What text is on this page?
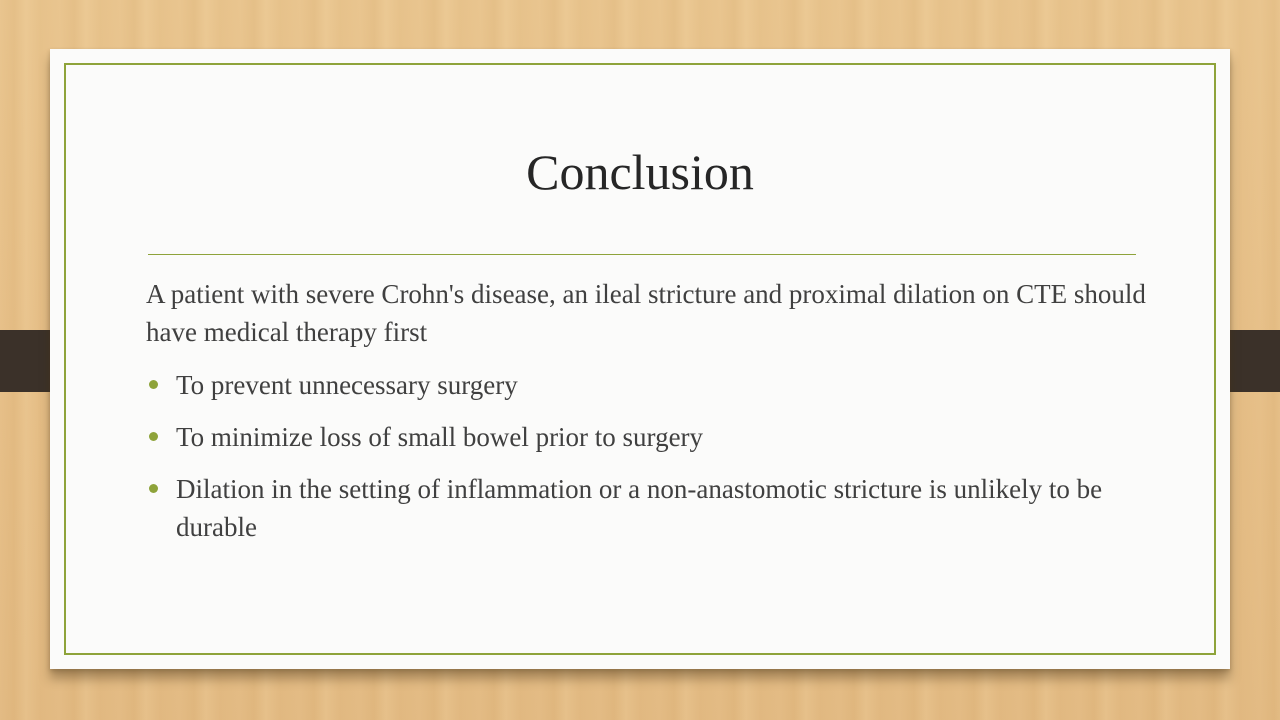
Conclusion

A patient with severe Crohn's disease, an ileal stricture and proximal dilation on CTE should have medical therapy first

To prevent unnecessary surgery
To minimize loss of small bowel prior to surgery
Dilation in the setting of inflammation or a non-anastomotic stricture is unlikely to be durable
